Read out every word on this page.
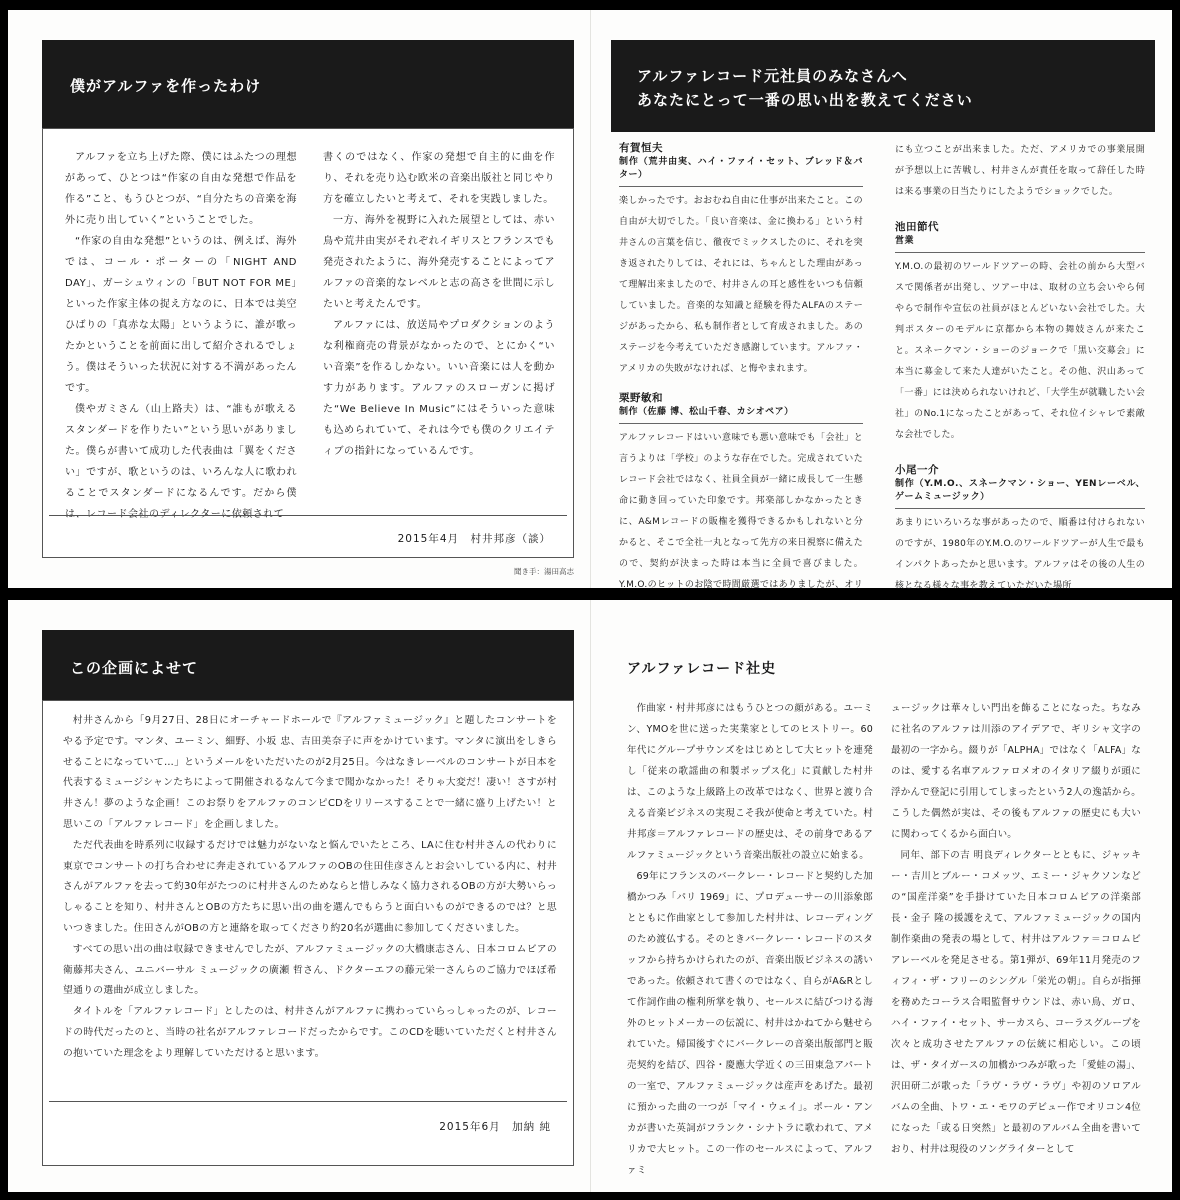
僕がアルファを作ったわけ

アルファを立ち上げた際、僕にはふたつの理想があって、ひとつは“作家の自由な発想で作品を作る”こと、もうひとつが、“自分たちの音楽を海外に売り出していく”ということでした。

“作家の自由な発想”というのは、例えば、海外では、コール・ポーターの「NIGHT AND DAY」、ガーシュウィンの「BUT NOT FOR ME」といった作家主体の捉え方なのに、日本では美空ひばりの「真赤な太陽」というように、誰が歌ったかということを前面に出して紹介されるでしょう。僕はそういった状況に対する不満があったんです。

僕やガミさん（山上路夫）は、“誰もが歌えるスタンダードを作りたい”という思いがありました。僕らが書いて成功した代表曲は「翼をください」ですが、歌というのは、いろんな人に歌われることでスタンダードになるんです。だから僕

書くのではなく、作家の発想で自主的に曲を作り、それを売り込む欧米の音楽出版社と同じやり方を確立したいと考えて、それを実践しました。

一方、海外を視野に入れた展望としては、赤い鳥や荒井由実がそれぞれイギリスとフランスでも発売されたように、海外発売することによってアルファの音楽的なレベルと志の高さを世間に示したいと考えたんです。

アルファには、放送局やプロダクションのような利権商売の背景がなかったので、とにかく“いい音楽”を作るしかない。いい音楽には人を動かす力があります。アルファのスローガンに掲げた“We Believe In Music”にはそういった意味も込められていて、それは今でも僕のクリエイティブの指針になっているんです。

2015年4月　村井邦彦（談）
聞き手：湯田高志
アルファレコード元社員のみなさんへ
あなたにとって一番の思い出を教えてください
有賀恒夫
制作（荒井由実、ハイ・ファイ・セット、ブレッド＆バター）
楽しかったです。おおむね自由に仕事が出来たこと。この自由が大切でした。「良い音楽は、金に換わる」という村井さんの言葉を信じ、徹夜でミックスしたのに、それを突き返されたりしては、それには、ちゃんとした理由があって理解出来ましたので、村井さんの耳と感性をいつも信頼していました。音楽的な知識と経験を得たALFAのステージがあったから、私も制作者として育成されました。あのステージを今考えていただき感謝しています。アルファ・アメリカの失敗がなければ、と悔やまれます。
栗野敏和
制作（佐藤 博、松山千春、カシオペア）
アルファレコードはいい意味でも悪い意味でも「会社」と言うよりは「学校」のような存在でした。完成されていたレコード会社ではなく、社員全員が一緒に成長して一生懸命に動き回っていた印象です。邦楽部しかなかったときに、A&Mレコードの販権を獲得できるかもしれないと分かると、そこで全社一丸となって先方の来日視察に備えたので、契約が決まった時は本当に全員で喜びました。Y.M.O.のヒットのお陰で時間厳選ではありましたが、オリ
にも立つことが出来ました。ただ、アメリカでの事業展開が予想以上に苦戦し、村井さんが責任を取って辞任した時は来る事業の日当たりにしたようでショックでした。
池田節代
営業
Y.M.O.の最初のワールドツアーの時、会社の前から大型バスで関係者が出発し、ツアー中は、取材の立ち会いやら何やらで制作や宣伝の社員がほとんどいない会社でした。大判ポスターのモデルに京都から本物の舞妓さんが来たこと。スネークマン・ショーのジョークで「黒い交募会」に本当に募金して来た人達がいたこと。その他、沢山あって「一番」には決められないけれど、「大学生が就職したい会社」のNo.1になったことがあって、それ位イシャレで素敵な会社でした。
小尾一介
制作（Y.M.O.、スネークマン・ショー、YENレーベル、ゲームミュージック）
あまりにいろいろな事があったので、順番は付けられないのですが、1980年のY.M.O.のワールドツアーが人生で最もインパクトあったかと思います。アルファはその後の人生の核となる様々な事を教えていただいた場所
この企画によせて

村井さんから「9月27日、28日にオーチャードホールで『アルファミュージック』と題したコンサートをやる予定です。マンタ、ユーミン、細野、小坂 忠、吉田美奈子に声をかけています。マンタに演出をしきらせることになっていて…」というメールをいただいたのが2月25日。今はなきレーベルのコンサートが日本を代表するミュージシャンたちによって開催されるなんて今まで聞かなかった！そりゃ大変だ！凄い！さすが村井さん！夢のような企画！このお祭りをアルファのコンピCDをリリースすることで一緒に盛り上げたい！と思いこの「アルファレコード」を企画しました。

ただ代表曲を時系列に収録するだけでは魅力がないなと悩んでいたところ、LAに住む村井さんの代わりに東京でコンサートの打ち合わせに奔走されているアルファのOBの住田佳彦さんとお会いしている内に、村井さんがアルファを去って約30年がたつのに村井さんのためならと惜しみなく協力されるOBの方が大勢いらっしゃることを知り、村井さんとOBの方たちに思い出の曲を選んでもらうと面白いものができるのでは？と思いつきました。住田さんがOBの方と連絡を取ってくださり約20名が選曲に参加してくださいました。

すべての思い出の曲は収録できませんでしたが、アルファミュージックの大橋康志さん、日本コロムビアの衛藤邦夫さん、ユニバーサル ミュージックの廣瀬 哲さん、ドクターエフの藤元栄一さんらのご協力でほぼ希望通りの選曲が成立しました。

タイトルを「アルファレコード」としたのは、村井さんがアルファに携わっていらっしゃったのが、レコードの時代だったのと、当時の社名がアルファレコードだったからです。このCDを聴いていただくと村井さんの抱いていた理念をより理解していただけると思います。

2015年6月　加納 純
アルファレコード社史

作曲家・村井邦彦にはもうひとつの顔がある。ユーミン、YMOを世に送った実業家としてのヒストリー。60年代にグループサウンズをはじめとして大ヒットを連発し「従来の歌謡曲の和製ポップス化」に貢献した村井は、このような上級路上の改革ではなく、世界と渡り合える音楽ビジネスの実現こそ我が使命と考えていた。村井邦彦＝アルファレコードの歴史は、その前身であるアルファミュージックという音楽出版社の設立に始まる。

69年にフランスのバークレー・レコードと契約した加橋かつみ「パリ 1969」に、プロデューサーの川添象郎とともに作曲家として参加した村井は、レコーディングのため渡仏する。そのときバークレー・レコードのスタッフから持ちかけられたのが、音楽出版ビジネスの誘いであった。依頼されて書くのではなく、自らがA&Rとして作詞作曲の権利所掌を執り、セールスに結びつける海外のヒットメーカーの伝説に、村井はかねてから魅せられていた。帰国後すぐにバークレーの音楽出版部門と販売契約を結び、四谷・慶應大学近くの三田東急アパートの一室で、アルファミュージックは産声をあげた。最初に預かった曲の一つが「マイ・ウェイ」。ポール・アンカが書いた英詞がフランク・シナトラに歌われて、アメリカで大ヒット。この一作のセールスによって、アルファミ

ュージックは華々しい門出を飾ることになった。ちなみに社名のアルファは川添のアイデアで、ギリシャ文字の最初の一字から。綴りが「ALPHA」ではなく「ALFA」なのは、愛する名車アルファロメオのイタリア綴りが頭に浮かんで登記に引用してしまったという2人の逸話から。こうした偶然が実は、その後もアルファの歴史にも大いに関わってくるから面白い。

同年、部下の吉 明良ディレクターとともに、ジャッキー・吉川とブルー・コメッツ、エミー・ジャクソンなどの“国産洋楽”を手掛けていた日本コロムビアの洋楽部長・金子 隆の援護をえて、アルファミュージックの国内制作楽曲の発表の場として、村井はアルファ＝コロムビアレーベルを発足させる。第1弾が、69年11月発売のフィフィ・ザ・フリーのシングル「栄光の朝」。自らが指揮を務めたコーラス合唱監督サウンドは、赤い鳥、ガロ、ハイ・ファイ・セット、サーカスら、コーラスグループを次々と成功させたアルファの伝統に相応しい。この頃は、ザ・タイガースの加橋かつみが歌った「愛蛙の湯」、沢田研二が歌った「ラヴ・ラヴ・ラヴ」や初のソロアルバムの全曲、トワ・エ・モワのデビュー作でオリコン4位になった「或る日突然」と最初のアルバム全曲を書いており、村井は現役のソングライターとして
